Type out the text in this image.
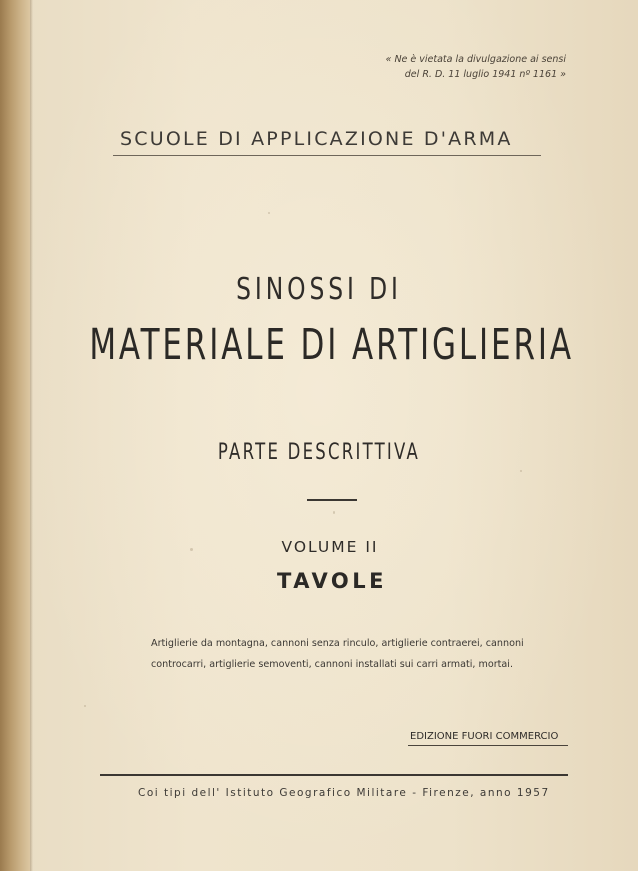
« Ne è vietata la divulgazione ai sensi
del R. D. 11 luglio 1941 nº 1161 »
SCUOLE DI APPLICAZIONE D'ARMA
SINOSSI DI
MATERIALE DI ARTIGLIERIA
PARTE DESCRITTIVA
VOLUME II
TAVOLE
Artiglierie da montagna, cannoni senza rinculo, artiglierie contraerei, cannoni
controcarri, artiglierie semoventi, cannoni installati sui carri armati, mortai.
EDIZIONE FUORI COMMERCIO
Coi tipi dell' Istituto Geografico Militare - Firenze, anno 1957
